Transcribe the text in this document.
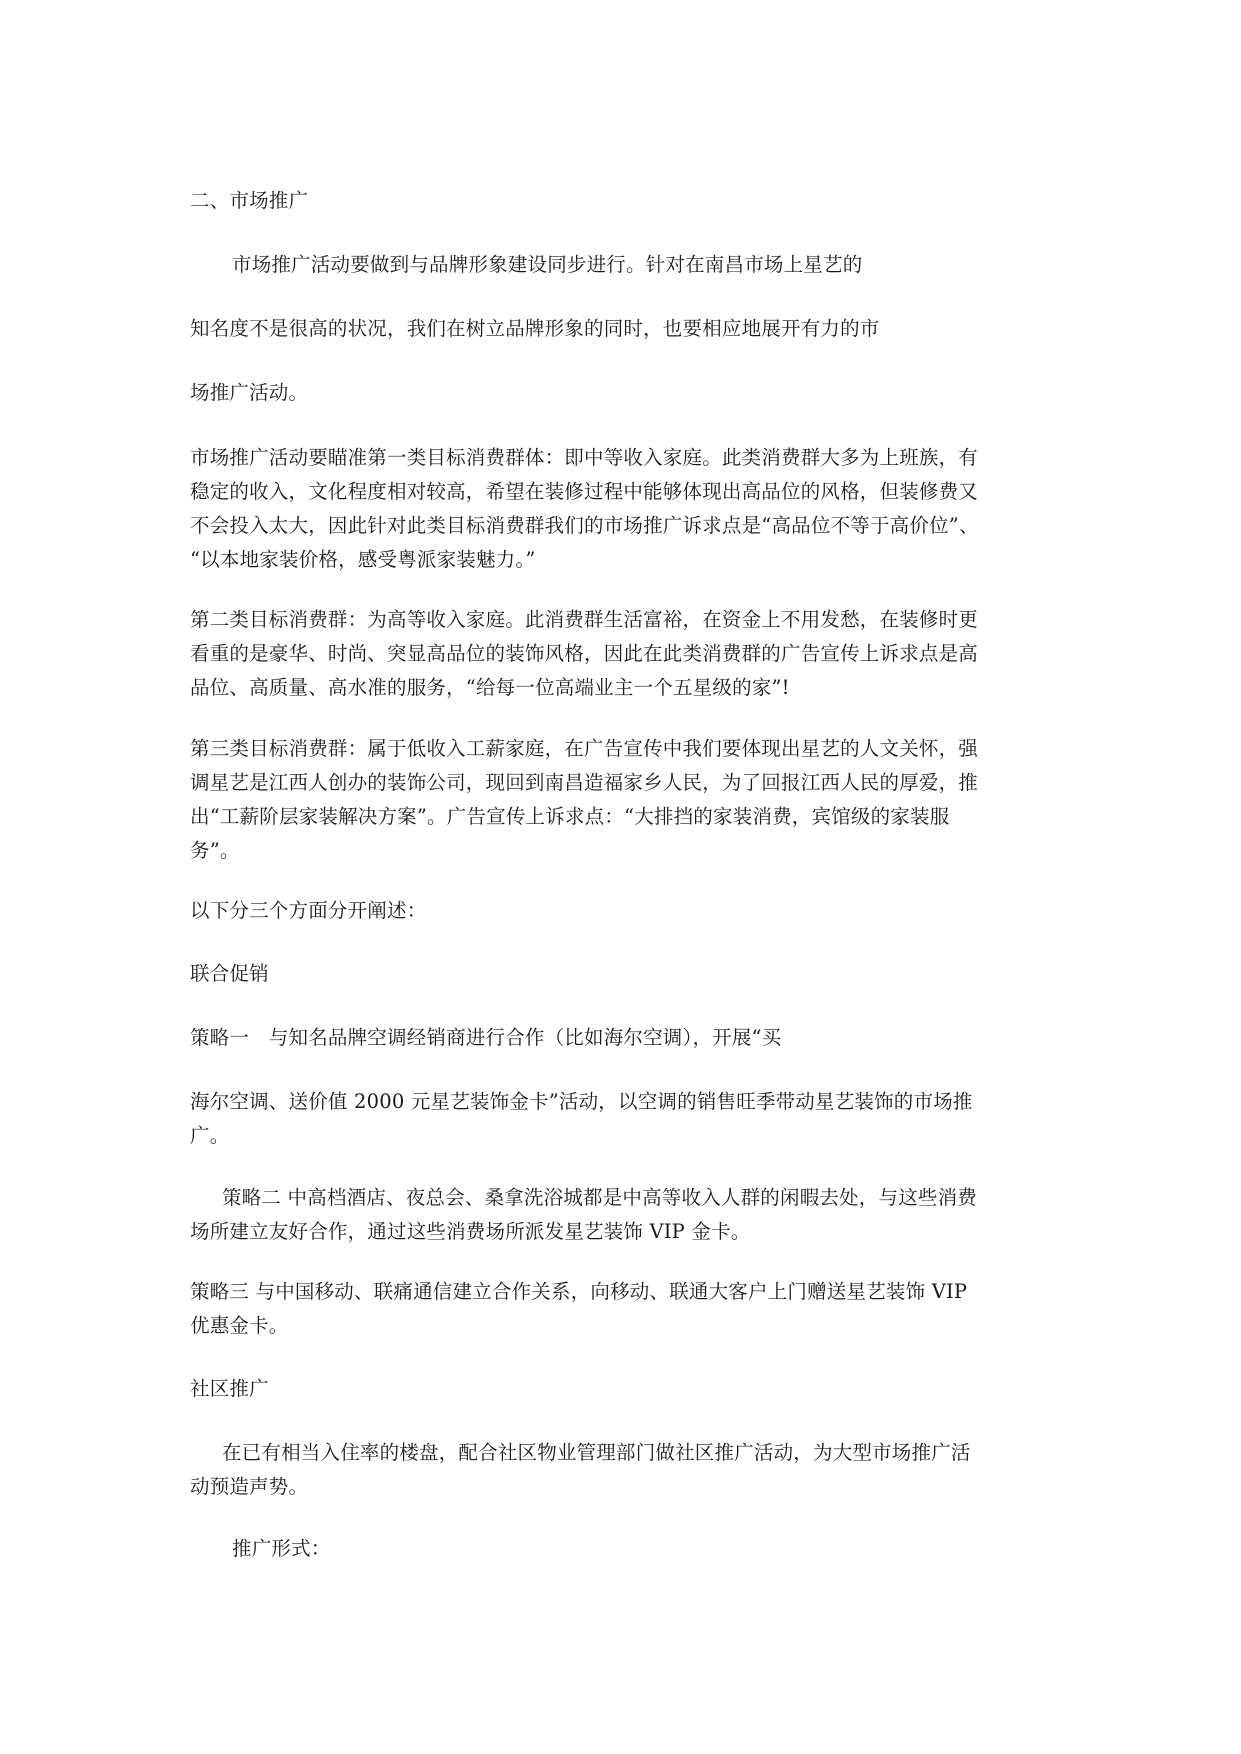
二、市场推广
市场推广活动要做到与品牌形象建设同步进行。针对在南昌市场上星艺的
知名度不是很高的状况，我们在树立品牌形象的同时，也要相应地展开有力的市
场推广活动。
市场推广活动要瞄准第一类目标消费群体：即中等收入家庭。此类消费群大多为上班族，有
稳定的收入，文化程度相对较高，希望在装修过程中能够体现出高品位的风格，但装修费又
不会投入太大，因此针对此类目标消费群我们的市场推广诉求点是“高品位不等于高价位”、
“以本地家装价格，感受粤派家装魅力。”
第二类目标消费群：为高等收入家庭。此消费群生活富裕，在资金上不用发愁，在装修时更
看重的是豪华、时尚、突显高品位的装饰风格，因此在此类消费群的广告宣传上诉求点是高
品位、高质量、高水准的服务，“给每一位高端业主一个五星级的家”!
第三类目标消费群：属于低收入工薪家庭，在广告宣传中我们要体现出星艺的人文关怀，强
调星艺是江西人创办的装饰公司，现回到南昌造福家乡人民，为了回报江西人民的厚爱，推
出“工薪阶层家装解决方案”。广告宣传上诉求点：“大排挡的家装消费，宾馆级的家装服
务”。
以下分三个方面分开阐述：
联合促销
策略一　与知名品牌空调经销商进行合作（比如海尔空调），开展“买
海尔空调、送价值 2000 元星艺装饰金卡”活动，以空调的销售旺季带动星艺装饰的市场推
广。
策略二 中高档酒店、夜总会、桑拿洗浴城都是中高等收入人群的闲暇去处，与这些消费
场所建立友好合作，通过这些消费场所派发星艺装饰 VIP 金卡。
策略三 与中国移动、联痛通信建立合作关系，向移动、联通大客户上门赠送星艺装饰 VIP
优惠金卡。
社区推广
在已有相当入住率的楼盘，配合社区物业管理部门做社区推广活动，为大型市场推广活
动预造声势。
推广形式：
